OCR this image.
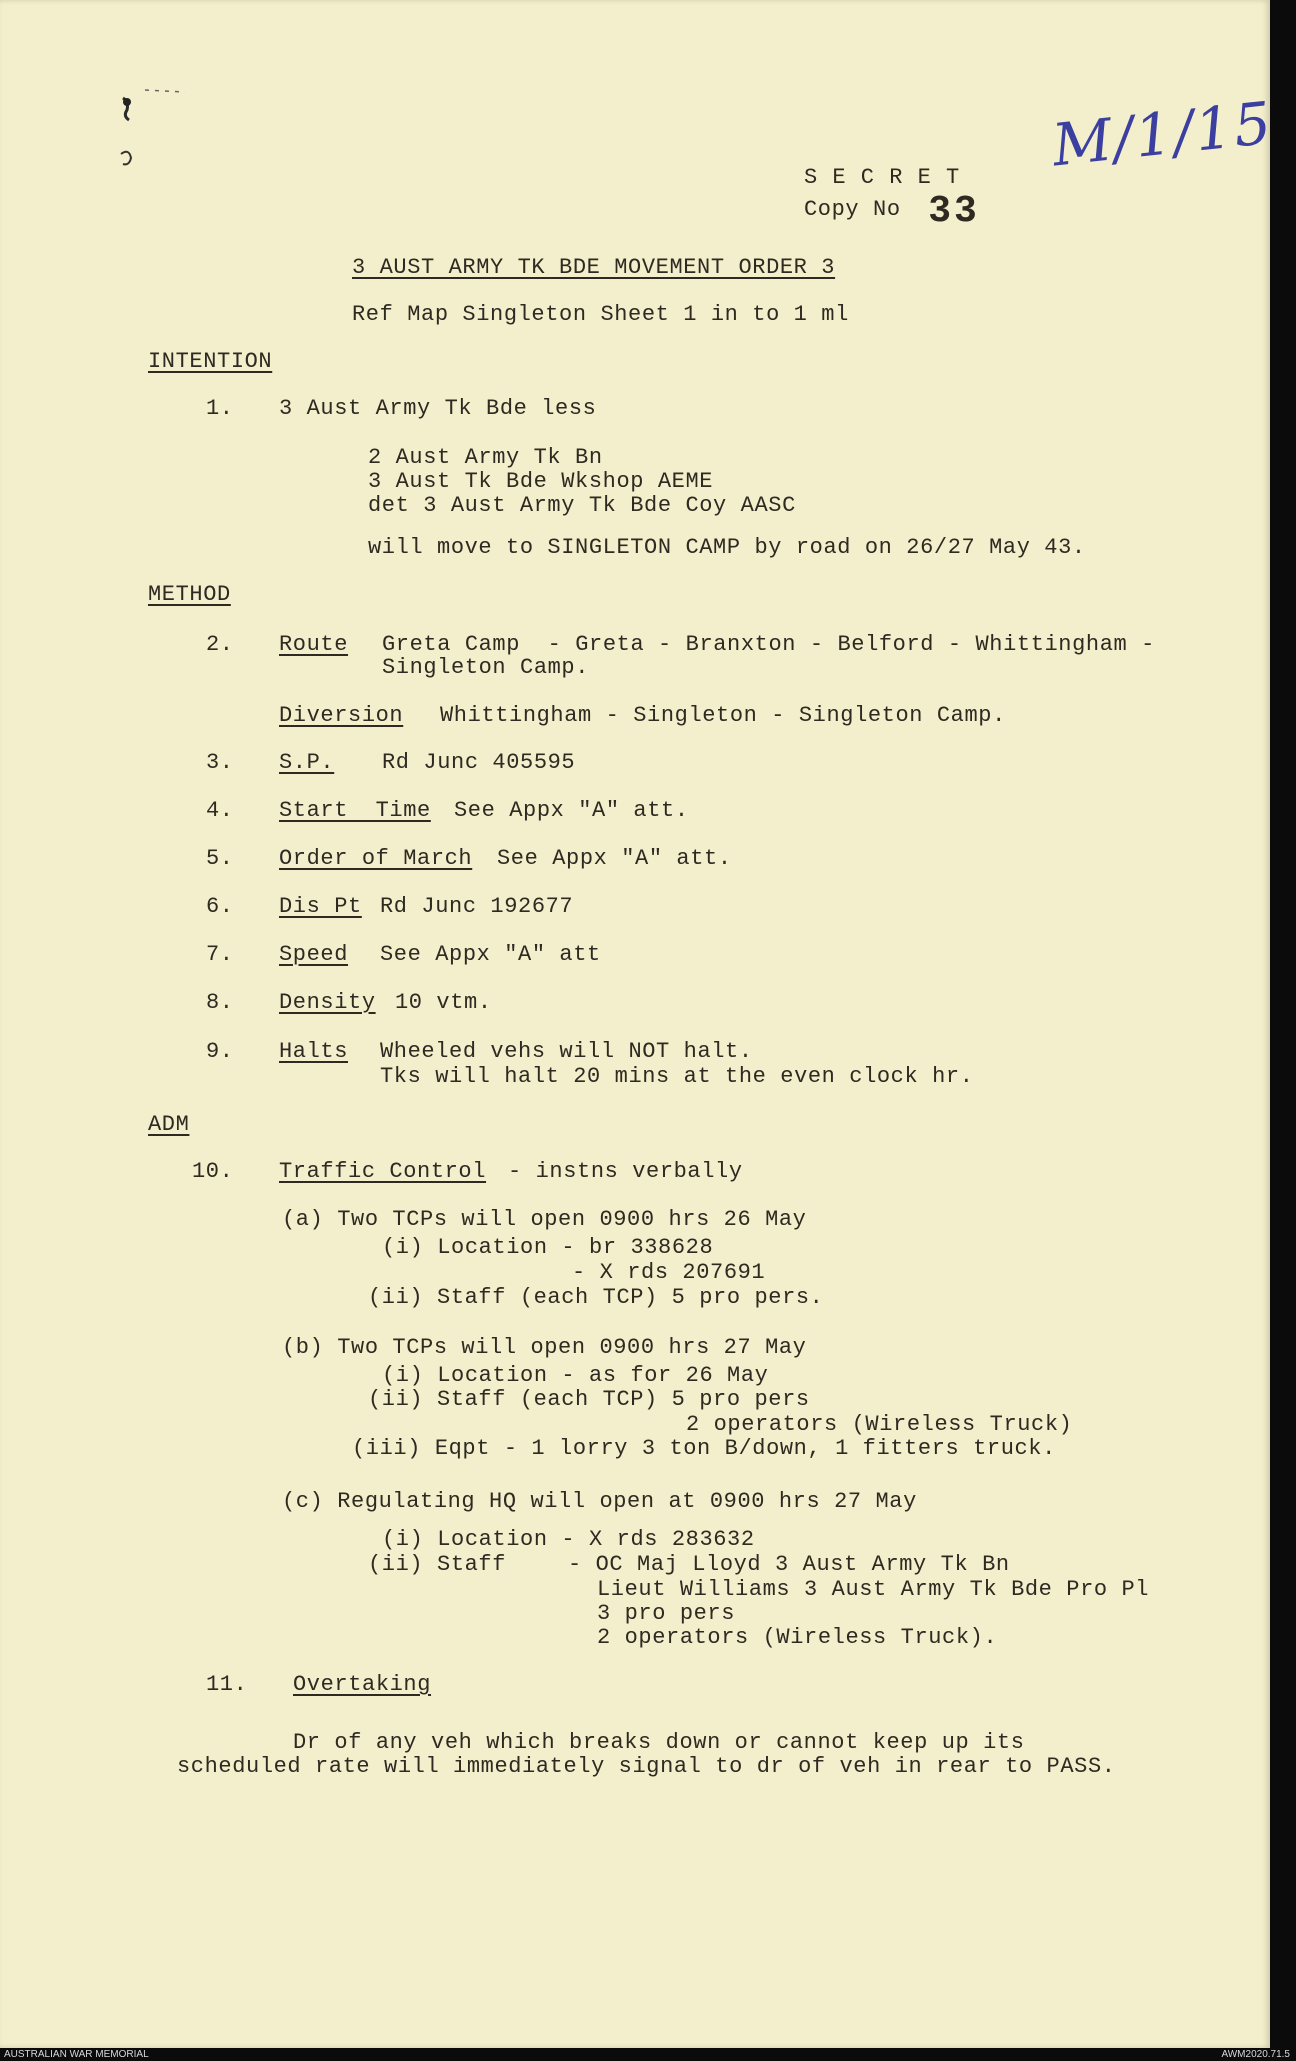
M/1/15
S E C R E T
Copy No 33
3 AUST ARMY TK BDE MOVEMENT ORDER 3
Ref Map Singleton Sheet 1 in to 1 ml
INTENTION
1. 3 Aust Army Tk Bde less
2 Aust Army Tk Bn
3 Aust Tk Bde Wkshop AEME
det 3 Aust Army Tk Bde Coy AASC
will move to SINGLETON CAMP by road on 26/27 May 43.
METHOD
2. Route Greta Camp  - Greta - Branxton - Belford - Whittingham -
Singleton Camp.
Diversion Whittingham - Singleton - Singleton Camp.
3. S.P. Rd Junc 405595
4. Start  Time See Appx "A" att.
5. Order of March See Appx "A" att.
6. Dis Pt Rd Junc 192677
7. Speed See Appx "A" att
8. Density 10 vtm.
9. Halts Wheeled vehs will NOT halt.
Tks will halt 20 mins at the even clock hr.
ADM
10. Traffic Control - instns verbally
(a) Two TCPs will open 0900 hrs 26 May
(i) Location - br 338628
- X rds 207691
(ii) Staff (each TCP) 5 pro pers.
(b) Two TCPs will open 0900 hrs 27 May
(i) Location - as for 26 May
(ii) Staff (each TCP) 5 pro pers
2 operators (Wireless Truck)
(iii) Eqpt - 1 lorry 3 ton B/down, 1 fitters truck.
(c) Regulating HQ will open at 0900 hrs 27 May
(i) Location - X rds 283632
(ii) Staff	- OC Maj Lloyd 3 Aust Army Tk Bn
Lieut Williams 3 Aust Army Tk Bde Pro Pl
3 pro pers
2 operators (Wireless Truck).
11. Overtaking
Dr of any veh which breaks down or cannot keep up its
scheduled rate will immediately signal to dr of veh in rear to PASS.
AUSTRALIAN WAR MEMORIAL	AWM2020.71.5
